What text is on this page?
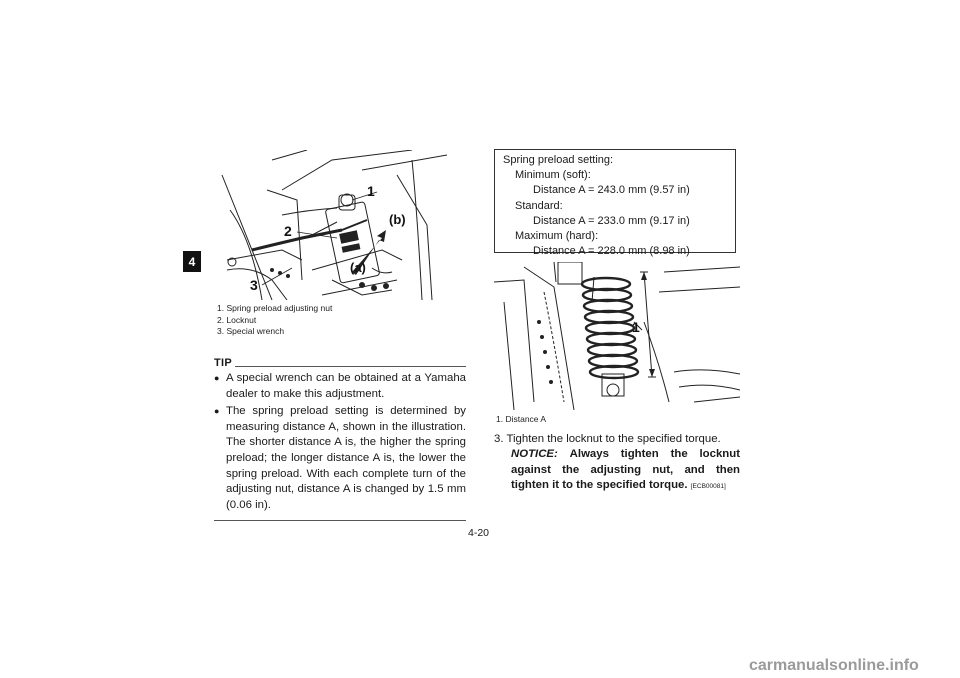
4
1
2
3
(a)
(b)
1. Spring preload adjusting nut
2. Locknut
3. Special wrench
TIP
● A special wrench can be obtained at a Yamaha dealer to make this adjustment.
● The spring preload setting is determined by measuring distance A, shown in the illustration. The shorter distance A is, the higher the spring preload; the longer distance A is, the lower the spring preload. With each complete turn of the adjusting nut, distance A is changed by 1.5 mm (0.06 in).
Spring preload setting:
Minimum (soft):
Distance A = 243.0 mm (9.57 in)
Standard:
Distance A = 233.0 mm (9.17 in)
Maximum (hard):
Distance A = 228.0 mm (8.98 in)
1
1. Distance A
3. Tighten the locknut to the specified torque.
NOTICE: Always tighten the locknut against the adjusting nut, and then tighten it to the specified torque. [ECB00081]
4-20
carmanualsonline.info
